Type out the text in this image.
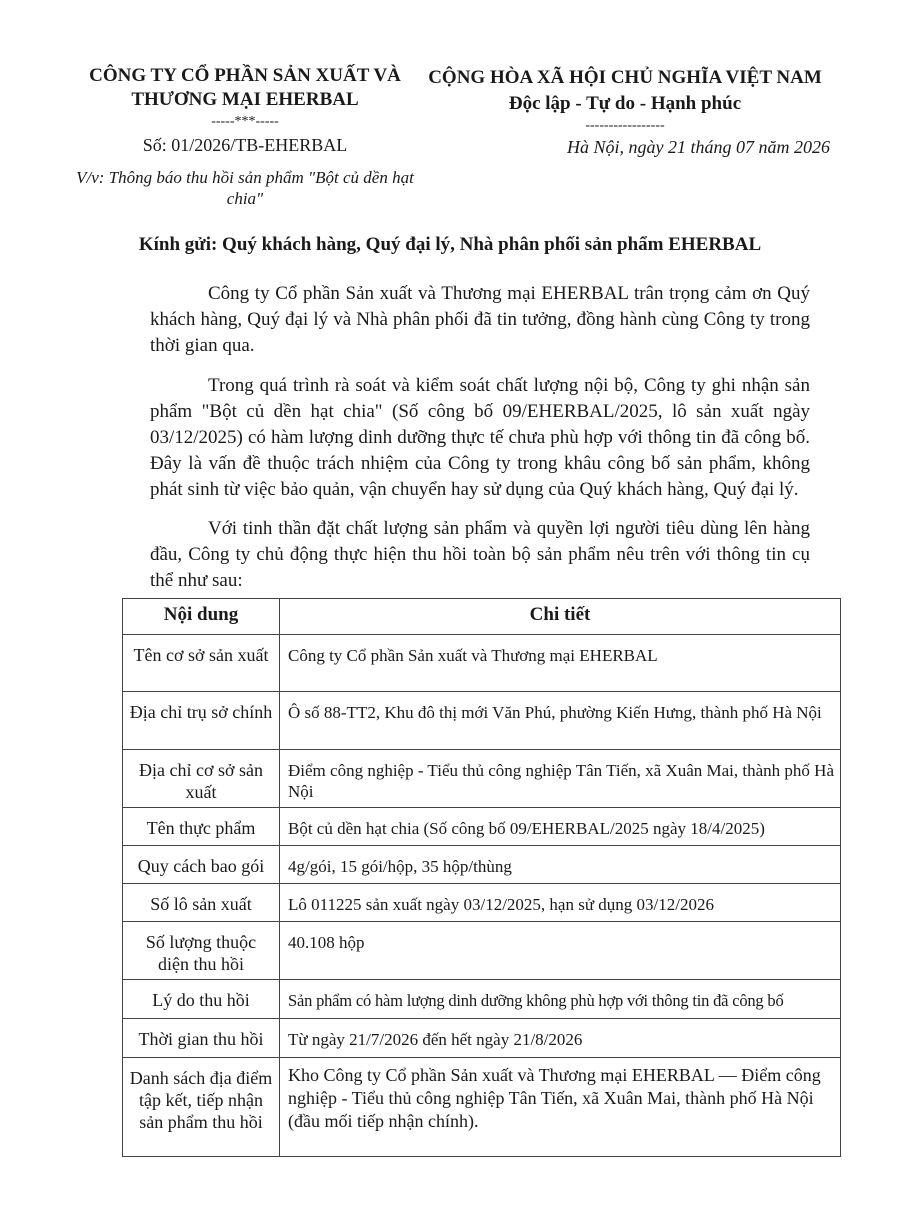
CÔNG TY CỔ PHẦN SẢN XUẤT VÀ THƯƠNG MẠI EHERBAL
-----***-----
Số: 01/2026/TB-EHERBAL
V/v: Thông báo thu hồi sản phẩm "Bột củ dền hạt chia"
CỘNG HÒA XÃ HỘI CHỦ NGHĨA VIỆT NAM
Độc lập - Tự do - Hạnh phúc
-----------------
Hà Nội, ngày 21 tháng 07 năm 2026
Kính gửi: Quý khách hàng, Quý đại lý, Nhà phân phối sản phẩm EHERBAL
Công ty Cổ phần Sản xuất và Thương mại EHERBAL trân trọng cảm ơn Quý khách hàng, Quý đại lý và Nhà phân phối đã tin tưởng, đồng hành cùng Công ty trong thời gian qua.
Trong quá trình rà soát và kiểm soát chất lượng nội bộ, Công ty ghi nhận sản phẩm "Bột củ dền hạt chia" (Số công bố 09/EHERBAL/2025, lô sản xuất ngày 03/12/2025) có hàm lượng dinh dưỡng thực tế chưa phù hợp với thông tin đã công bố. Đây là vấn đề thuộc trách nhiệm của Công ty trong khâu công bố sản phẩm, không phát sinh từ việc bảo quản, vận chuyển hay sử dụng của Quý khách hàng, Quý đại lý.
Với tinh thần đặt chất lượng sản phẩm và quyền lợi người tiêu dùng lên hàng đầu, Công ty chủ động thực hiện thu hồi toàn bộ sản phẩm nêu trên với thông tin cụ thể như sau:
Nội dung	Chi tiết
Tên cơ sở sản xuất	Công ty Cổ phần Sản xuất và Thương mại EHERBAL
Địa chỉ trụ sở chính	Ô số 88-TT2, Khu đô thị mới Văn Phú, phường Kiến Hưng, thành phố Hà Nội
Địa chỉ cơ sở sản xuất	Điểm công nghiệp - Tiểu thủ công nghiệp Tân Tiến, xã Xuân Mai, thành phố Hà Nội
Tên thực phẩm	Bột củ dền hạt chia (Số công bố 09/EHERBAL/2025 ngày 18/4/2025)
Quy cách bao gói	4g/gói, 15 gói/hộp, 35 hộp/thùng
Số lô sản xuất	Lô 011225 sản xuất ngày 03/12/2025, hạn sử dụng 03/12/2026
Số lượng thuộc diện thu hồi	40.108 hộp
Lý do thu hồi	Sản phẩm có hàm lượng dinh dưỡng không phù hợp với thông tin đã công bố
Thời gian thu hồi	Từ ngày 21/7/2026 đến hết ngày 21/8/2026
Danh sách địa điểm tập kết, tiếp nhận sản phẩm thu hồi	Kho Công ty Cổ phần Sản xuất và Thương mại EHERBAL — Điểm công nghiệp - Tiểu thủ công nghiệp Tân Tiến, xã Xuân Mai, thành phố Hà Nội (đầu mối tiếp nhận chính).
